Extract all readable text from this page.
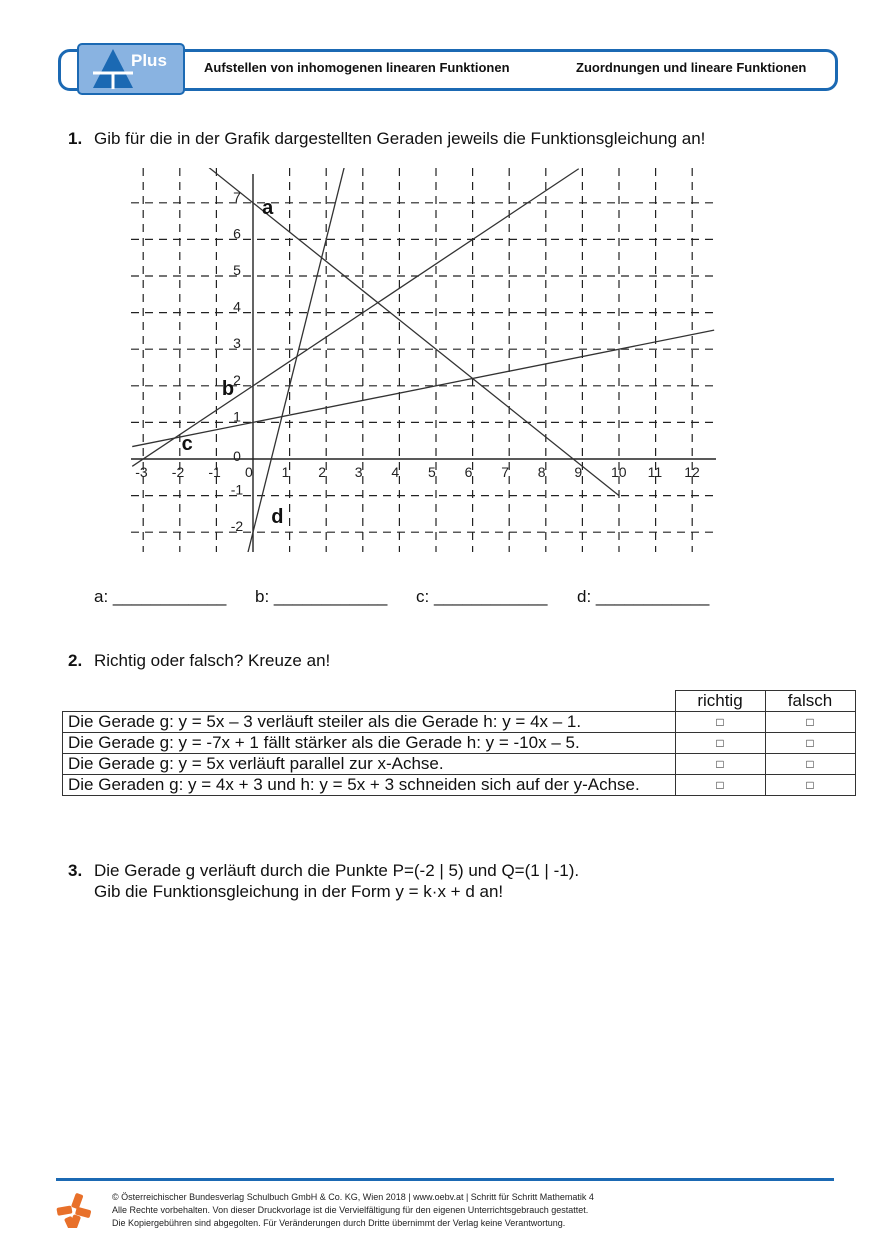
Plus	Aufstellen von inhomogenen linearen Funktionen	Zuordnungen und lineare Funktionen
1. Gib für die in der Grafik dargestellten Geraden jeweils die Funktionsgleichung an!
-3 -2 -1 0 1 2 3 4 5 6 7 8 9 10 11 12
7
6
5
4
3
2
1
0
-1
-2
a
b
c
d
a: ____________ b: ____________ c: ____________ d: ____________
2. Richtig oder falsch? Kreuze an!
	richtig	falsch
Die Gerade g: y = 5x – 3 verläuft steiler als die Gerade h: y = 4x – 1.	□	□
Die Gerade g: y = -7x + 1 fällt stärker als die Gerade h: y = -10x – 5.	□	□
Die Gerade g: y = 5x verläuft parallel zur x-Achse.	□	□
Die Geraden g: y = 4x + 3 und h: y = 5x + 3 schneiden sich auf der y-Achse.	□	□
3. Die Gerade g verläuft durch die Punkte P=(-2 | 5) und Q=(1 | -1).
Gib die Funktionsgleichung in der Form y = k·x + d an!
© Österreichischer Bundesverlag Schulbuch GmbH & Co. KG, Wien 2018 | www.oebv.at | Schritt für Schritt Mathematik 4
Alle Rechte vorbehalten. Von dieser Druckvorlage ist die Vervielfältigung für den eigenen Unterrichtsgebrauch gestattet.
Die Kopiergebühren sind abgegolten. Für Veränderungen durch Dritte übernimmt der Verlag keine Verantwortung.
